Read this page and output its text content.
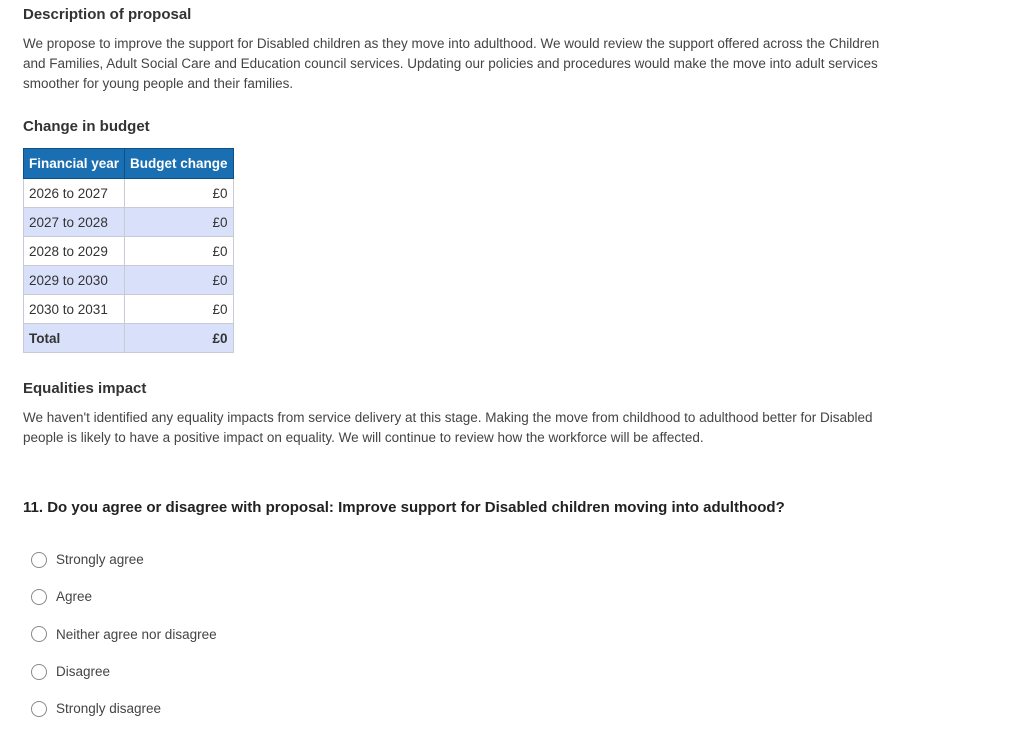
Description of proposal

We propose to improve the support for Disabled children as they move into adulthood. We would review the support offered across the Children and Families, Adult Social Care and Education council services. Updating our policies and procedures would make the move into adult services smoother for young people and their families.

Change in budget
Financial year	Budget change
2026 to 2027	£0
2027 to 2028	£0
2028 to 2029	£0
2029 to 2030	£0
2030 to 2031	£0
Total	£0
Equalities impact

We haven't identified any equality impacts from service delivery at this stage. Making the move from childhood to adulthood better for Disabled people is likely to have a positive impact on equality. We will continue to review how the workforce will be affected.

11. Do you agree or disagree with proposal: Improve support for Disabled children moving into adulthood?
Strongly agree
Agree
Neither agree nor disagree
Disagree
Strongly disagree
